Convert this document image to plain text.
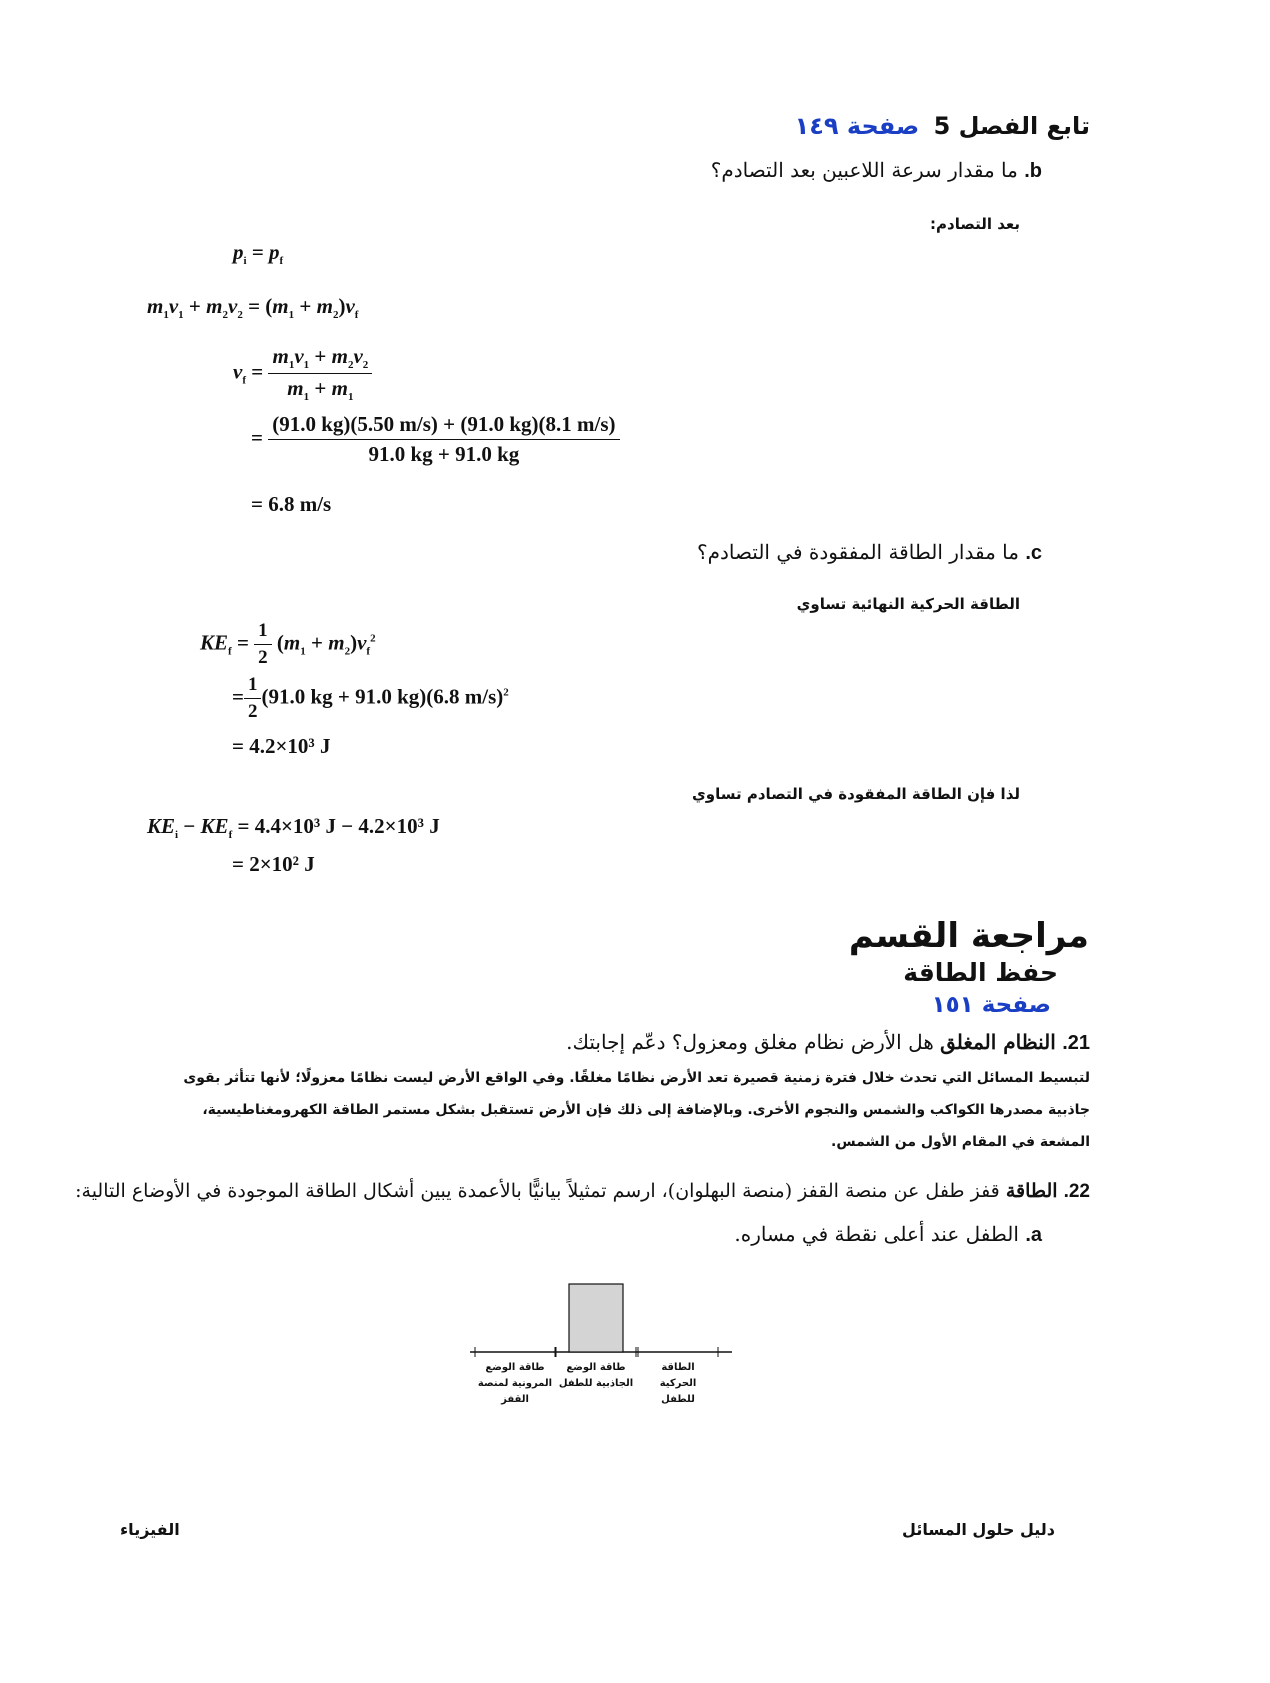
تابع الفصل 5 صفحة ١٤٩
b. ما مقدار سرعة اللاعبين بعد التصادم؟
بعد التصادم:
$p_i = p_f$
$m_1v_1 + m_2v_2 = (m_1 + m_2)v_f$
$v_f = \frac{m_1v_1 + m_2v_2}{m_1 + m_1}$
= $\frac{(91.0 kg)(5.50 m/s) + (91.0 kg)(8.1 m/s)}{91.0 kg + 91.0 kg}$
= 6.8 m/s
c. ما مقدار الطاقة المفقودة في التصادم؟
الطاقة الحركية النهائية تساوي
$KE_f = \frac{1}{2} (m_1 + m_2)v_f^2$
= $\frac{1}{2} (91.0$ kg + 91.0 kg)(6.8 m/s)$^2$
= 4.2×10³ J
لذا فإن الطاقة المفقودة في التصادم تساوي
$KE_i - KE_f = 4.4\times 10^3$ J − 4.2×10³ J
= 2×10² J
مراجعة القسم
حفظ الطاقة
صفحة ١٥١
21. النظام المغلق هل الأرض نظام مغلق ومعزول؟ دعّم إجابتك.
لتبسيط المسائل التي تحدث خلال فترة زمنية قصيرة تعد الأرض نظامًا مغلقًا. وفي الواقع الأرض ليست نظامًا معزولًا؛ لأنها تتأثر بقوى
جاذبية مصدرها الكواكب والشمس والنجوم الأخرى. وبالإضافة إلى ذلك فإن الأرض تستقبل بشكل مستمر الطاقة الكهرومغناطيسية،
المشعة في المقام الأول من الشمس.
22. الطاقة قفز طفل عن منصة القفز (منصة البهلوان)، ارسم تمثيلاً بيانيًّا بالأعمدة يبين أشكال الطاقة الموجودة في الأوضاع التالية:
a. الطفل عند أعلى نقطة في مساره.
طاقة الوضع
المرونية لمنصة
القفز
طاقة الوضع
الجاذبية للطفل
الطاقة
الحركية
للطفل
دليل حلول المسائل
الفيزياء
